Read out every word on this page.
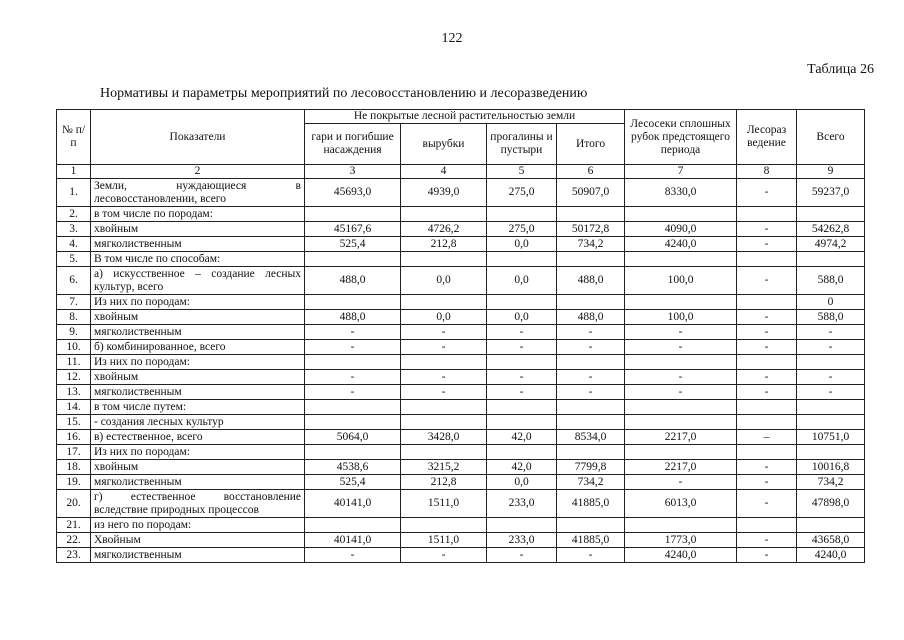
122
Таблица 26
Нормативы и параметры мероприятий по лесовосстановлению и лесоразведению
№ п/п	Показатели	Не покрытые лесной растительностью земли				Лесосеки сплошных рубок предстоящего периода	Лесораз ведение	Всего
		гари и погибшие насаждения	вырубки	прогалины и пустыри	Итого			
1	2	3	4	5	6	7	8	9
1.	Земли, нуждающиеся в лесовосстановлении, всего	45693,0	4939,0	275,0	50907,0	8330,0	-	59237,0
2.	в том числе по породам:							
3.	хвойным	45167,6	4726,2	275,0	50172,8	4090,0	-	54262,8
4.	мягколиственным	525,4	212,8	0,0	734,2	4240,0	-	4974,2
5.	В том числе по способам:							
6.	а) искусственное – создание лесных культур, всего	488,0	0,0	0,0	488,0	100,0	-	588,0
7.	Из них по породам:							0
8.	хвойным	488,0	0,0	0,0	488,0	100,0	-	588,0
9.	мягколиственным	-	-	-	-	-	-	-
10.	б) комбинированное, всего	-	-	-	-	-	-	-
11.	Из них по породам:							
12.	хвойным	-	-	-	-	-	-	-
13.	мягколиственным	-	-	-	-	-	-	-
14.	в том числе путем:							
15.	- создания лесных культур							
16.	в) естественное, всего	5064,0	3428,0	42,0	8534,0	2217,0	–	10751,0
17.	Из них по породам:							
18.	хвойным	4538,6	3215,2	42,0	7799,8	2217,0	-	10016,8
19.	мягколиственным	525,4	212,8	0,0	734,2	-	-	734,2
20.	г) естественное восстановление вследствие природных процессов	40141,0	1511,0	233,0	41885,0	6013,0	-	47898,0
21.	из него по породам:							
22.	Хвойным	40141,0	1511,0	233,0	41885,0	1773,0	-	43658,0
23.	мягколиственным	-	-	-	-	4240,0	-	4240,0
